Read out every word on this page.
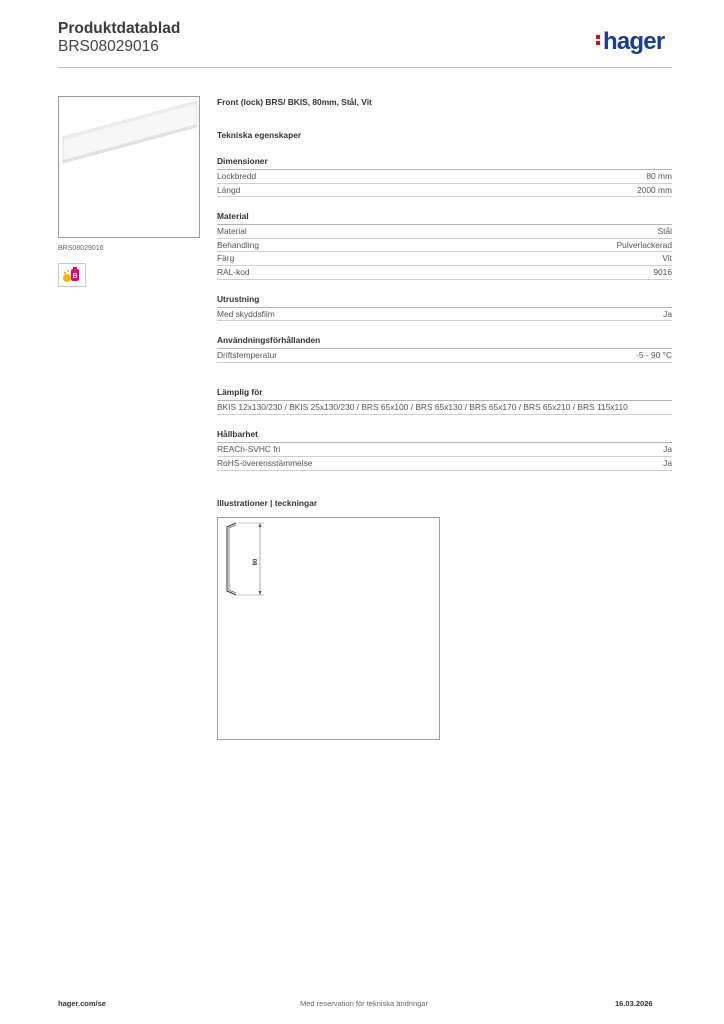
Produktdatablad
BRS08029016	hager
BRS08029016
B
Front (lock) BRS/ BKIS, 80mm, Stål, Vit
Tekniska egenskaper
Dimensioner
Lockbredd	80 mm
Längd	2000 mm
Material
Material	Stål
Behandling	Pulverlackerad
Färg	Vit
RAL-kod	9016
Utrustning
Med skyddsfilm	Ja
Användningsförhållanden
Driftstemperatur	-5 - 90 °C
Lämplig för
BKIS 12x130/230 / BKIS 25x130/230 / BRS 65x100 / BRS 65x130 / BRS 65x170 / BRS 65x210 / BRS 115x110
Hållbarhet
REACh-SVHC fri	Ja
RoHS-överensstämmelse	Ja
Illustrationer | teckningar
80
hager.com/se	Med reservation för tekniska ändringar	16.03.2026
